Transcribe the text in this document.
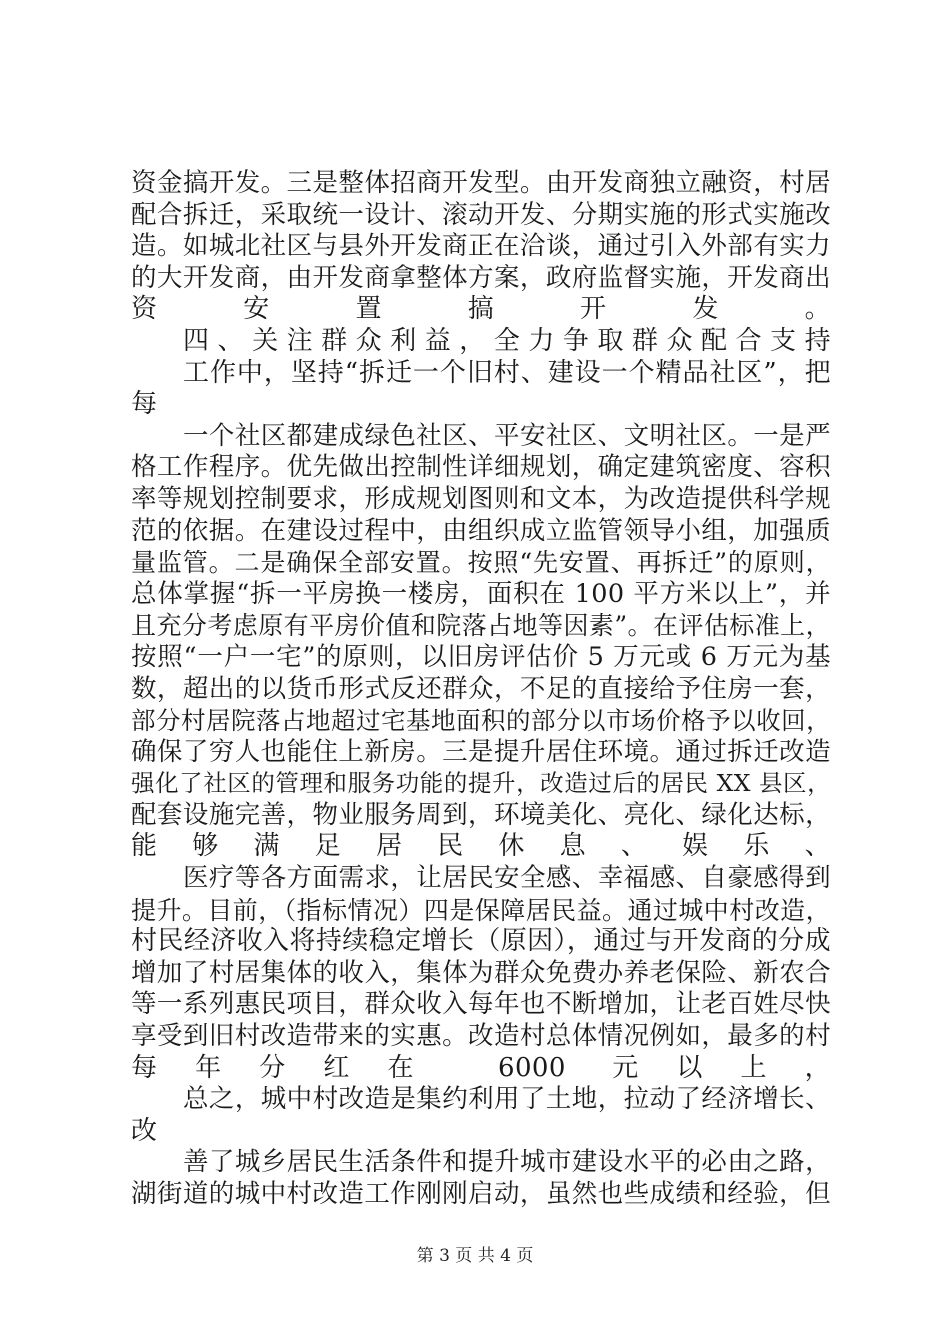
资金搞开发。三是整体招商开发型。由开发商独立融资，村居
配合拆迁，采取统一设计、滚动开发、分期实施的形式实施改
造。如城北社区与县外开发商正在洽谈，通过引入外部有实力
的大开发商，由开发商拿整体方案，政府监督实施，开发商出
资安置搞开发。
四、关注群众利益，全力争取群众配合支持
工作中，坚持“拆迁一个旧村、建设一个精品社区”，把
每
一个社区都建成绿色社区、平安社区、文明社区。一是严
格工作程序。优先做出控制性详细规划，确定建筑密度、容积
率等规划控制要求，形成规划图则和文本，为改造提供科学规
范的依据。在建设过程中，由组织成立监管领导小组，加强质
量监管。二是确保全部安置。按照“先安置、再拆迁”的原则，
总体掌握“拆一平房换一楼房，面积在 100 平方米以上”，并
且充分考虑原有平房价值和院落占地等因素”。在评估标准上，
按照“一户一宅”的原则，以旧房评估价 5 万元或 6 万元为基
数，超出的以货币形式反还群众，不足的直接给予住房一套，
部分村居院落占地超过宅基地面积的部分以市场价格予以收回，
确保了穷人也能住上新房。三是提升居住环境。通过拆迁改造
强化了社区的管理和服务功能的提升，改造过后的居民 XX 县区，
配套设施完善，物业服务周到，环境美化、亮化、绿化达标，
能够满足居民休息、娱乐、
医疗等各方面需求，让居民安全感、幸福感、自豪感得到
提升。目前，（指标情况）四是保障居民益。通过城中村改造，
村民经济收入将持续稳定增长（原因），通过与开发商的分成
增加了村居集体的收入，集体为群众免费办养老保险、新农合
等一系列惠民项目，群众收入每年也不断增加，让老百姓尽快
享受到旧村改造带来的实惠。改造村总体情况例如，最多的村
每年分红在 6000 元以上，
总之，城中村改造是集约利用了土地，拉动了经济增长、
改
善了城乡居民生活条件和提升城市建设水平的必由之路，
湖街道的城中村改造工作刚刚启动，虽然也些成绩和经验，但
第 3 页 共 4 页
